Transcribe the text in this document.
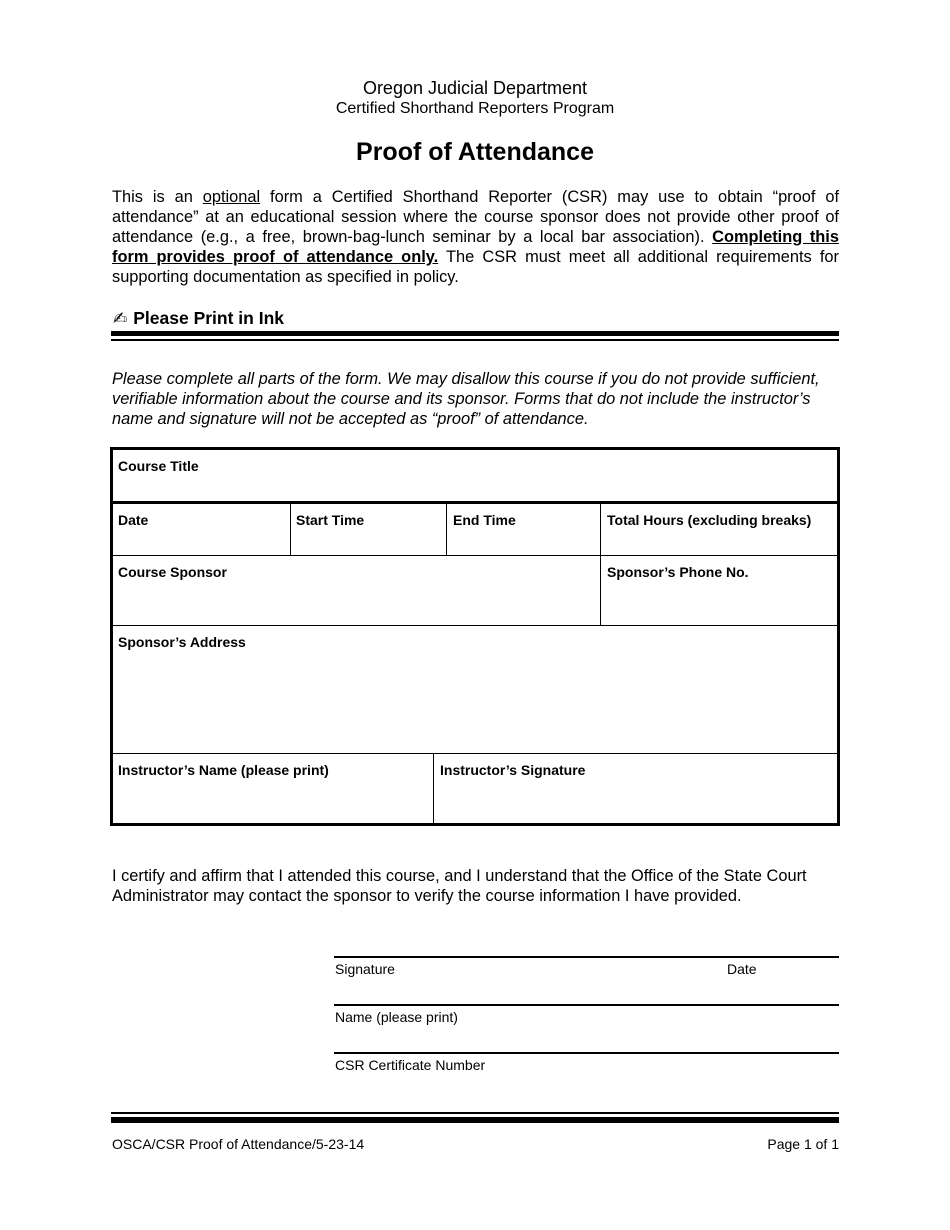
Oregon Judicial Department
Certified Shorthand Reporters Program
Proof of Attendance
This is an optional form a Certified Shorthand Reporter (CSR) may use to obtain “proof of attendance” at an educational session where the course sponsor does not provide other proof of attendance (e.g., a free, brown-bag-lunch seminar by a local bar association). Completing this form provides proof of attendance only. The CSR must meet all additional requirements for supporting documentation as specified in policy.
✍ Please Print in Ink
Please complete all parts of the form. We may disallow this course if you do not provide sufficient, verifiable information about the course and its sponsor. Forms that do not include the instructor’s name and signature will not be accepted as “proof” of attendance.
Course Title
Date	Start Time	End Time	Total Hours (excluding breaks)
Course Sponsor	Sponsor’s Phone No.
Sponsor’s Address
Instructor’s Name (please print)	Instructor’s Signature
I certify and affirm that I attended this course, and I understand that the Office of the State Court Administrator may contact the sponsor to verify the course information I have provided.
Signature	Date
Name (please print)
CSR Certificate Number
OSCA/CSR Proof of Attendance/5-23-14	Page 1 of 1
